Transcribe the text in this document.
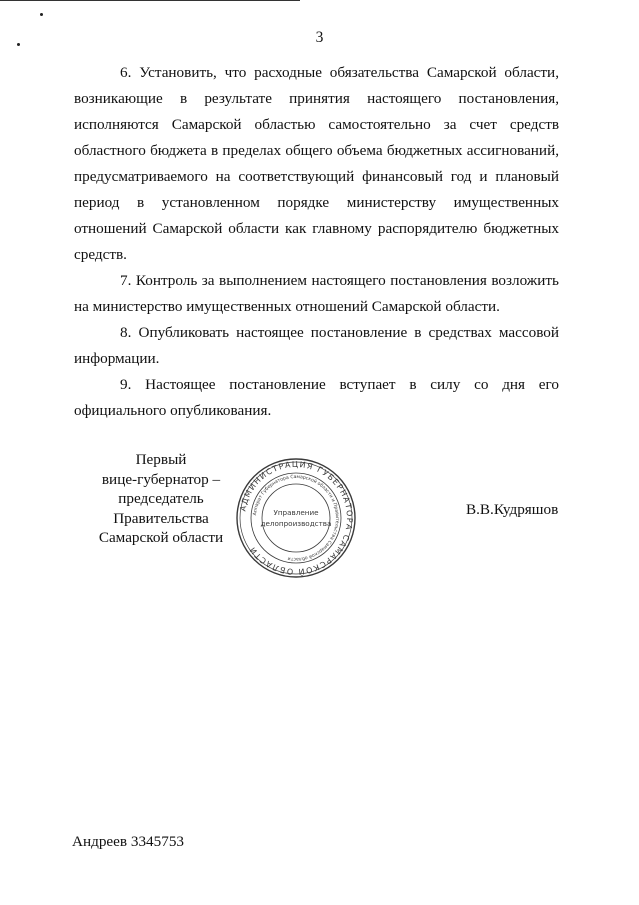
3

6. Установить, что расходные обязательства Самарской области, возникающие в результате принятия настоящего постановления, исполняются Самарской областью самостоятельно за счет средств областного бюджета в пределах общего объема бюджетных ассигнований, предусматриваемого на соответствующий финансовый год и плановый период в установленном порядке министерству имущественных отношений Самарской области как главному распорядителю бюджетных средств.

7. Контроль за выполнением настоящего постановления возложить на министерство имущественных отношений Самарской области.

8. Опубликовать настоящее постановление в средствах массовой информации.

9. Настоящее постановление вступает в силу со дня его официального опубликования.

Первый
вице-губернатор –
председатель Правительства
Самарской области
АДМИНИСТРАЦИЯ ГУБЕРНАТОРА САМАРСКОЙ ОБЛАСТИ
Аппарат Губернатора Самарской области и Правительства Самарской области
Управление
делопроизводства
В.В.Кудряшов
Андреев 3345753
